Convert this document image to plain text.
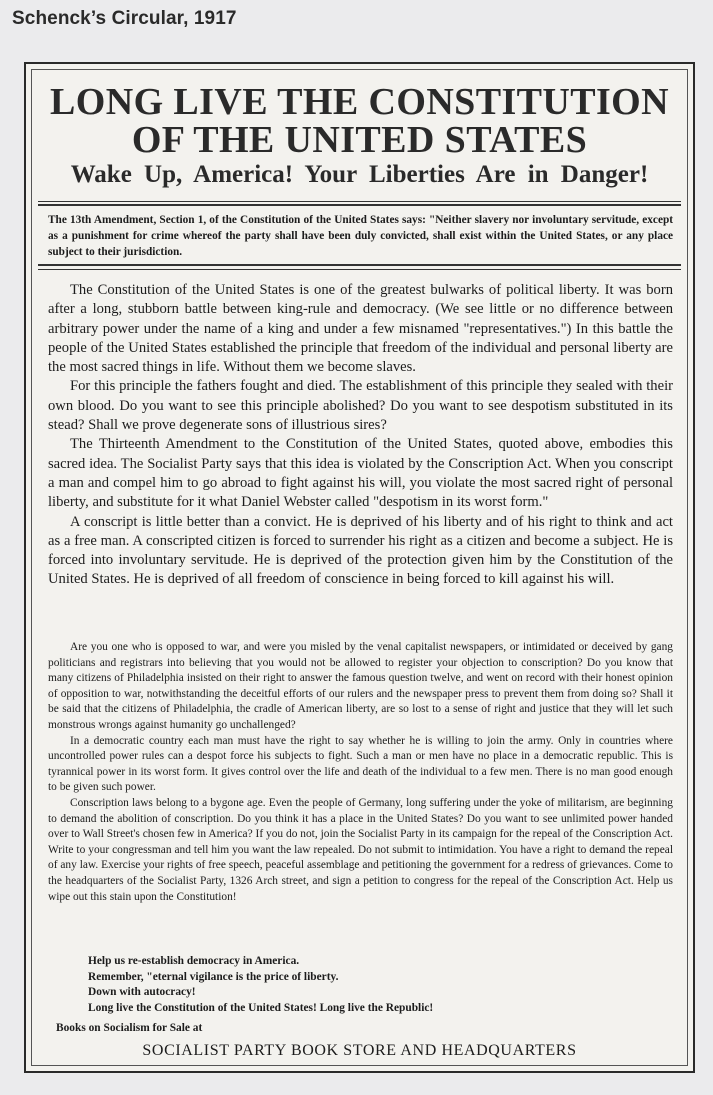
Schenck’s Circular, 1917
LONG LIVE THE CONSTITUTION
OF THE UNITED STATES
Wake Up, America! Your Liberties Are in Danger!

The 13th Amendment, Section 1, of the Constitution of the United States says: "Neither slavery nor involuntary servitude, except as a punishment for crime whereof the party shall have been duly convicted, shall exist within the United States, or any place subject to their jurisdiction.

The Constitution of the United States is one of the greatest bulwarks of political liberty. It was born after a long, stubborn battle between king-rule and democracy. (We see little or no difference between arbitrary power under the name of a king and under a few misnamed "representatives.") In this battle the people of the United States established the principle that freedom of the individual and personal liberty are the most sacred things in life. Without them we become slaves.

For this principle the fathers fought and died. The establishment of this principle they sealed with their own blood. Do you want to see this principle abolished? Do you want to see despotism substituted in its stead? Shall we prove degenerate sons of illustrious sires?

The Thirteenth Amendment to the Constitution of the United States, quoted above, embodies this sacred idea. The Socialist Party says that this idea is violated by the Conscription Act. When you conscript a man and compel him to go abroad to fight against his will, you violate the most sacred right of personal liberty, and substitute for it what Daniel Webster called "despotism in its worst form."

A conscript is little better than a convict. He is deprived of his liberty and of his right to think and act as a free man. A conscripted citizen is forced to surrender his right as a citizen and become a subject. He is forced into involuntary servitude. He is deprived of the protection given him by the Constitution of the United States. He is deprived of all freedom of conscience in being forced to kill against his will.

Are you one who is opposed to war, and were you misled by the venal capitalist newspapers, or intimidated or deceived by gang politicians and registrars into believing that you would not be allowed to register your objection to conscription? Do you know that many citizens of Philadelphia insisted on their right to answer the famous question twelve, and went on record with their honest opinion of opposition to war, notwithstanding the deceitful efforts of our rulers and the newspaper press to prevent them from doing so? Shall it be said that the citizens of Philadelphia, the cradle of American liberty, are so lost to a sense of right and justice that they will let such monstrous wrongs against humanity go unchallenged?

In a democratic country each man must have the right to say whether he is willing to join the army. Only in countries where uncontrolled power rules can a despot force his subjects to fight. Such a man or men have no place in a democratic republic. This is tyrannical power in its worst form. It gives control over the life and death of the individual to a few men. There is no man good enough to be given such power.

Conscription laws belong to a bygone age. Even the people of Germany, long suffering under the yoke of militarism, are beginning to demand the abolition of conscription. Do you think it has a place in the United States? Do you want to see unlimited power handed over to Wall Street's chosen few in America? If you do not, join the Socialist Party in its campaign for the repeal of the Conscription Act. Write to your congressman and tell him you want the law repealed. Do not submit to intimidation. You have a right to demand the repeal of any law. Exercise your rights of free speech, peaceful assemblage and petitioning the government for a redress of grievances. Come to the headquarters of the Socialist Party, 1326 Arch street, and sign a petition to congress for the repeal of the Conscription Act. Help us wipe out this stain upon the Constitution!

Help us re-establish democracy in America.
Remember, "eternal vigilance is the price of liberty.
Down with autocracy!
Long live the Constitution of the United States! Long live the Republic!

Books on Socialism for Sale at

SOCIALIST PARTY BOOK STORE AND HEADQUARTERS
